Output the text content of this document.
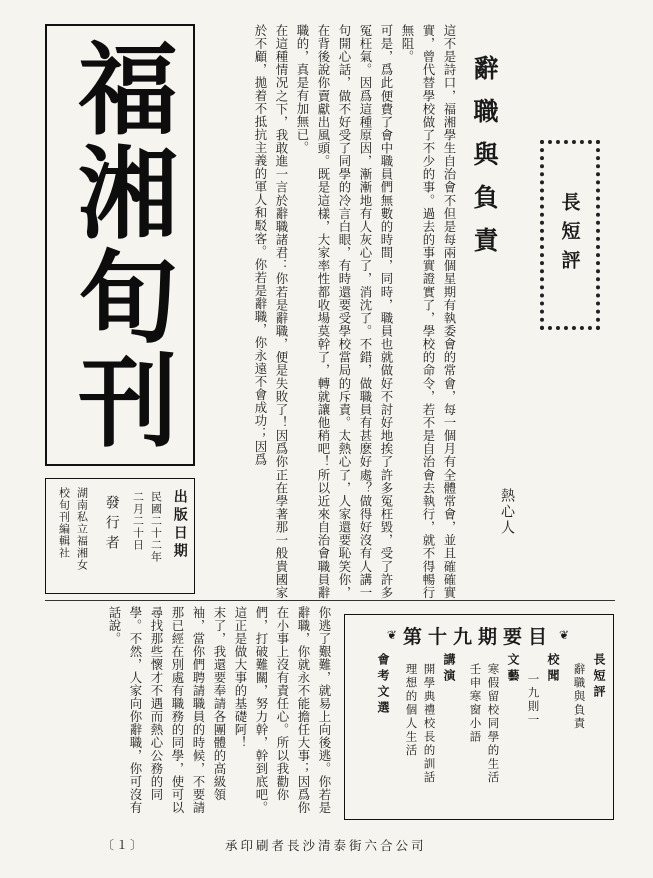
福湘旬刊
出版日期
民國二十二年
二月二十日
發行者
湖南私立福湘女
校旬刊編輯社	這不是詩口，福湘學生自治會不但是每兩個星期有執委會的常會，每一個月有全體常會，並且確確實實，曾代替學校做了不少的事。過去的事實證實了，學校的命令，若不是自治會去執行，就不得暢行無阻。

可是，爲此便費了會中職員們無數的時間，同時，職員也就做好不討好地挨了許多冤枉毀，受了許多冤枉氣。因爲這種原因，漸漸地有人灰心了，消沈了。不錯，做職員有甚麽好處？做得好沒有人講一句開心話，做不好受了同學的冷言白眼，有時還要受學校當局的斥責。太熱心了，人家還要恥笑你，在背後說你賣獻出風頭。既是這樣，大家率性都收場莫幹了，轉就讓他稍吧！所以近來自治會職員辭職的，真是有加無已。

在這種情况之下，我敢進一言於辭職諸君：你若是辭職，便是失敗了！因爲你正在學著那一般貴國家於不顧，拋着不抵抗主義的軍人和駁客。你若是辭職，你永遠不會成功；因爲	辭職與負責	長短評
熱心人

你逃了艱難，就易上向後逃。你若是辭職，你就永不能擔任大事；因爲你在小事上沒有責任心。所以我勸你們，打破難關，努力幹，幹到底吧。這正是做大事的基礎阿！

末了，我還要奉請各團體的高級領袖，當你們聘請職員的時候，不要請那已經在別處有職務的同學，使可以尋找那些懷才不遇而熱心公務的同學。不然，人家向你辭職，你可沒有話說。	❦ 第十九期要目 ❦
長短評
辭職與負責
校聞
一九則一
文藝
寒假留校同學的生活
壬申寒窗小語
講演
開學典禮校長的訓話
理想的個人生活
會考文選
〔１〕	承印刷者長沙清泰街六合公司
